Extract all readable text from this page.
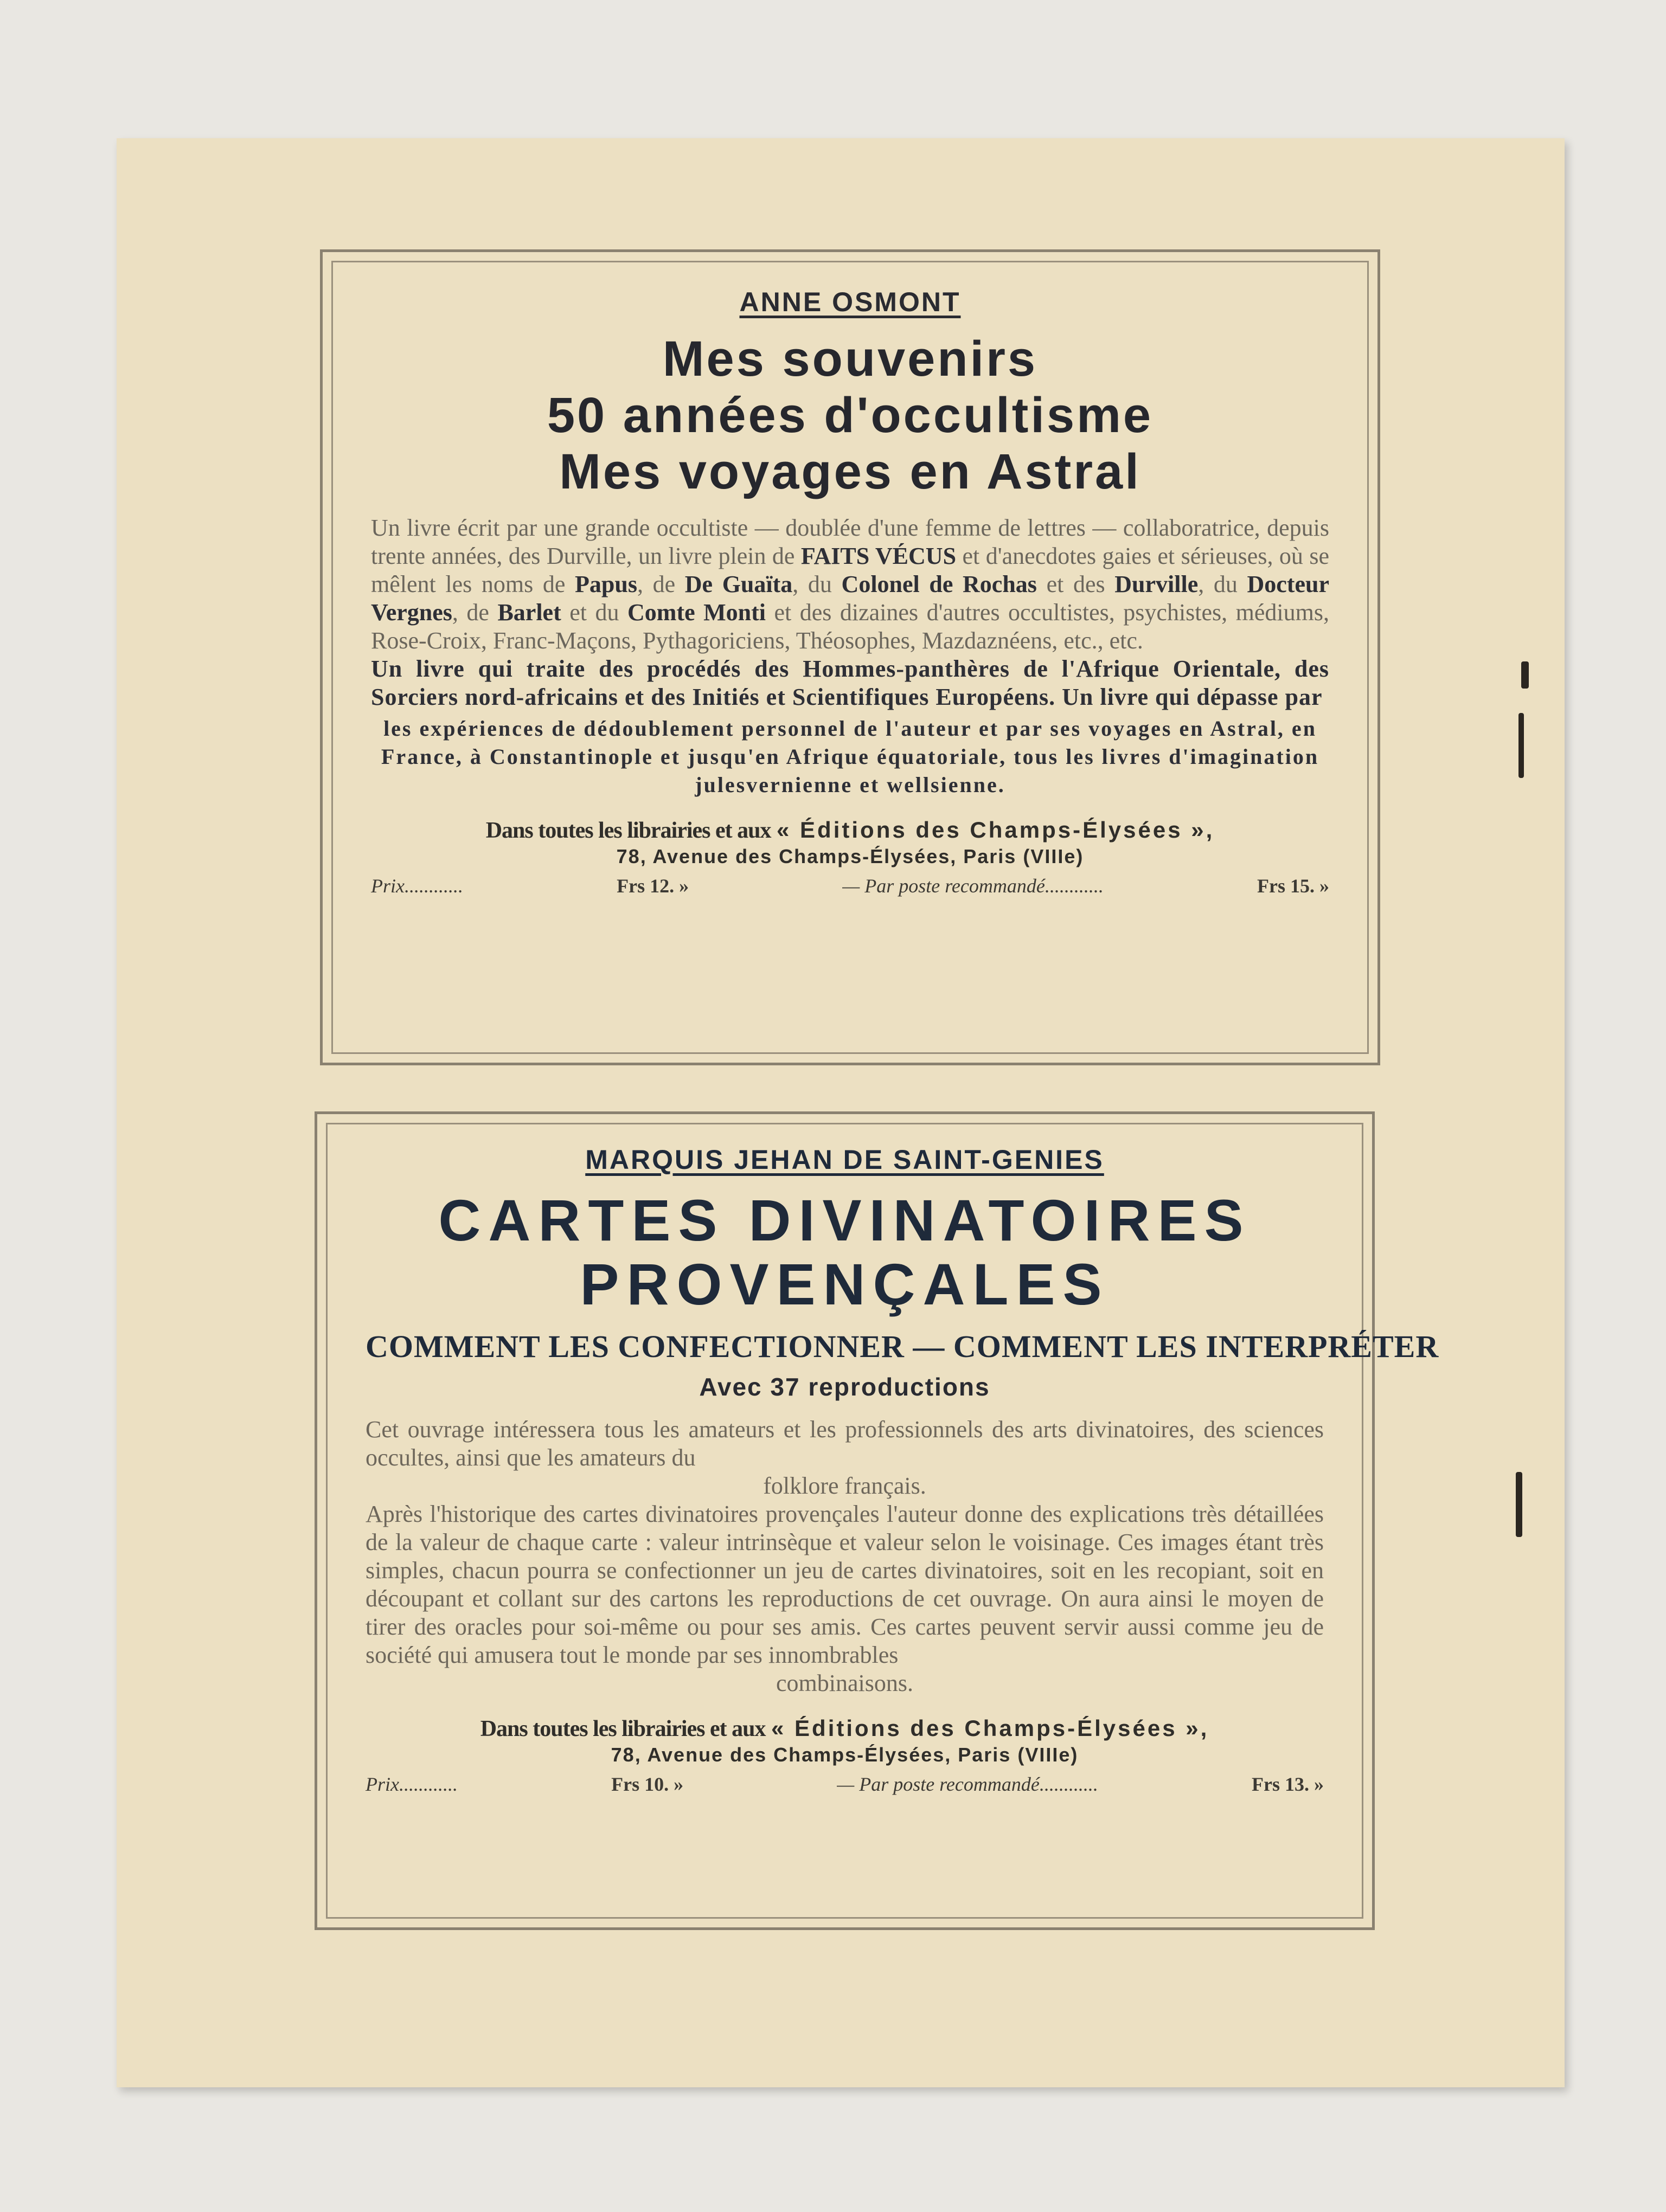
ANNE OSMONT
Mes souvenirs
50 années d'occultisme
Mes voyages en Astral
Un livre écrit par une grande occultiste — doublée d'une femme de lettres — collaboratrice, depuis trente années, des Durville, un livre plein de FAITS VÉCUS et d'anecdotes gaies et sérieuses, où se mêlent les noms de Papus, de De Guaïta, du Colonel de Rochas et des Durville, du Docteur Vergnes, de Barlet et du Comte Monti et des dizaines d'autres occultistes, psychistes, médiums, Rose-Croix, Franc-Maçons, Pythagoriciens, Théosophes, Mazdaznéens, etc., etc.
Un livre qui traite des procédés des Hommes-panthères de l'Afrique Orientale, des Sorciers nord-africains et des Initiés et Scientifiques Européens. Un livre qui dépasse par
les expériences de dédoublement personnel de l'auteur et par ses voyages en Astral, en France, à Constantinople et jusqu'en Afrique équatoriale, tous les livres d'imagination julesvernienne et wellsienne.
Dans toutes les librairies et aux « Éditions des Champs-Élysées »,
78, Avenue des Champs-Élysées, Paris (VIIIe)
Prix............	Frs 12. »	— Par poste recommandé............	Frs 15. »
MARQUIS JEHAN DE SAINT-GENIES
CARTES DIVINATOIRES
PROVENÇALES
COMMENT LES CONFECTIONNER — COMMENT LES INTERPRÉTER
Avec 37 reproductions
Cet ouvrage intéressera tous les amateurs et les professionnels des arts divinatoires, des sciences occultes, ainsi que les amateurs du
folklore français.
Après l'historique des cartes divinatoires provençales l'auteur donne des explications très détaillées de la valeur de chaque carte : valeur intrinsèque et valeur selon le voisinage. Ces images étant très simples, chacun pourra se confectionner un jeu de cartes divinatoires, soit en les recopiant, soit en découpant et collant sur des cartons les reproductions de cet ouvrage. On aura ainsi le moyen de tirer des oracles pour soi-même ou pour ses amis. Ces cartes peuvent servir aussi comme jeu de société qui amusera tout le monde par ses innombrables
combinaisons.
Dans toutes les librairies et aux « Éditions des Champs-Élysées »,
78, Avenue des Champs-Élysées, Paris (VIIIe)
Prix............	Frs 10. »	— Par poste recommandé............	Frs 13. »
